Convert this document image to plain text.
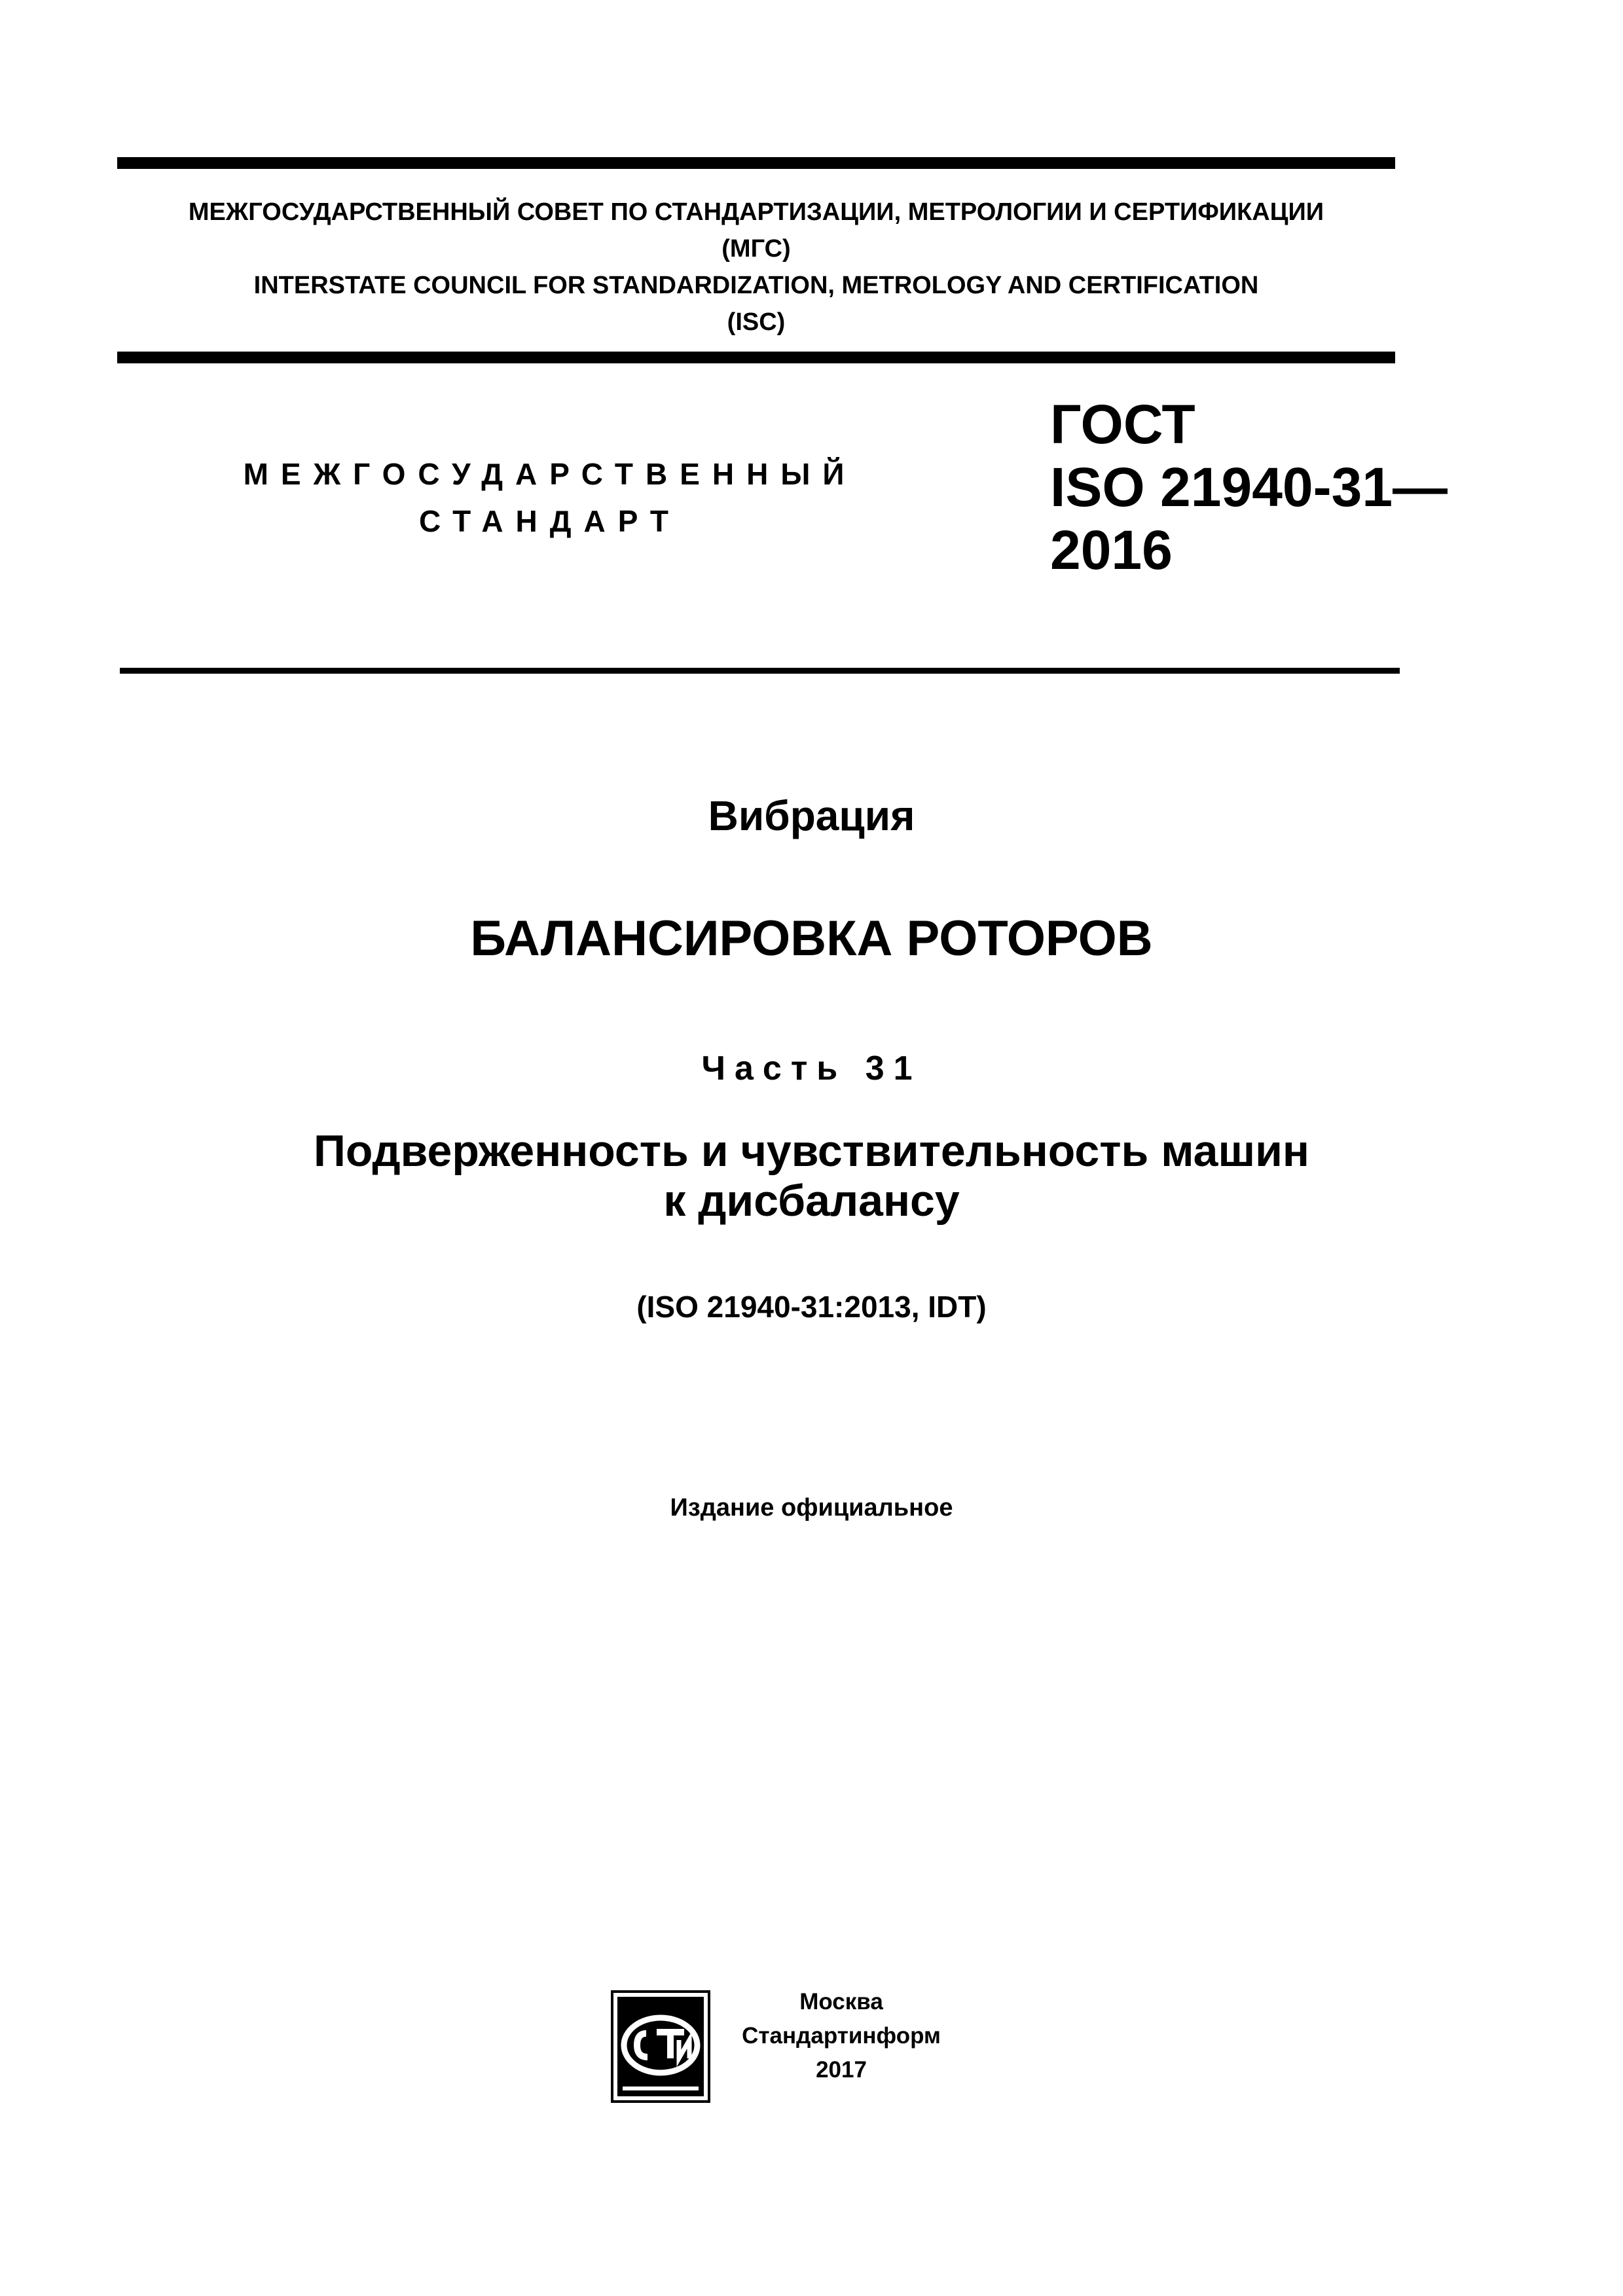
МЕЖГОСУДАРСТВЕННЫЙ СОВЕТ ПО СТАНДАРТИЗАЦИИ, МЕТРОЛОГИИ И СЕРТИФИКАЦИИ
(МГС)
INTERSTATE COUNCIL FOR STANDARDIZATION, METROLOGY AND CERTIFICATION
(ISC)
МЕЖГОСУДАРСТВЕННЫЙ
СТАНДАРТ
ГОСТ
ISO 21940-31—
2016
Вибрация
БАЛАНСИРОВКА РОТОРОВ
Часть 31
Подверженность и чувствительность машин
к дисбалансу
(ISO 21940-31:2013, IDT)
Издание официальное
Москва
Стандартинформ
2017
